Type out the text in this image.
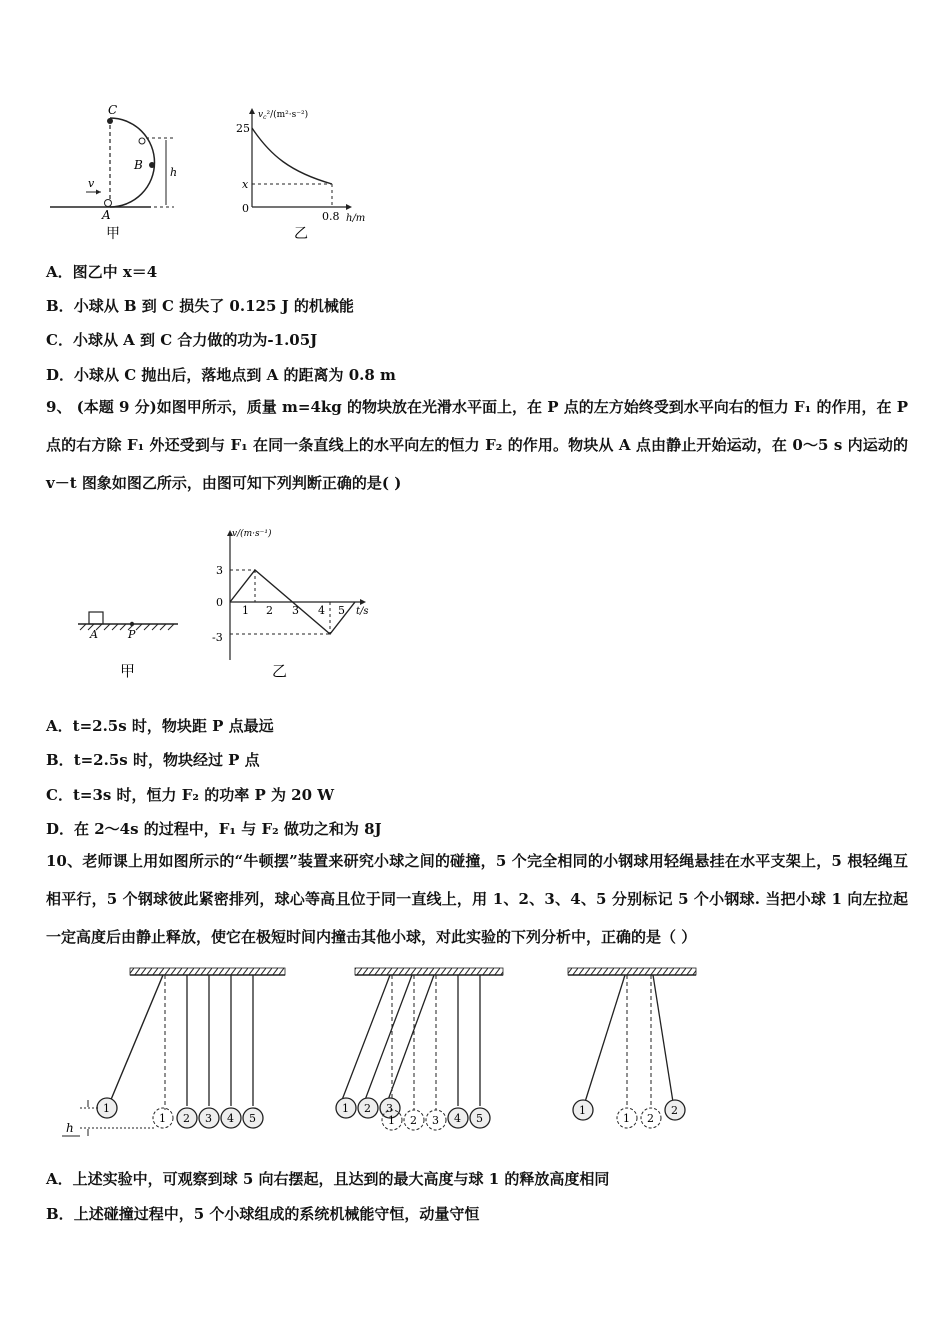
C
B
A
v
h
甲
$v_c^2/(m^2\cdot s^{-2})$
25
x
0
0.8 h/m
乙
A．图乙中 x＝4
B．小球从 B 到 C 损失了 0.125 J 的机械能
C．小球从 A 到 C 合力做的功为-1.05J
D．小球从 C 抛出后，落地点到 A 的距离为 0.8 m
9、 (本题 9 分)如图甲所示，质量 m=4kg 的物块放在光滑水平面上，在 P 点的左方始终受到水平向右的恒力 F₁ 的作用，在 P 点的右方除 F₁ 外还受到与 F₁ 在同一条直线上的水平向左的恒力 F₂ 的作用。物块从 A 点由静止开始运动，在 0～5 s 内运动的 v－t 图象如图乙所示，由图可知下列判断正确的是( )
A	P
甲
v/(m·s⁻¹)
3
0
-3
1 2 3 4 5 t/s
乙
A．t=2.5s 时，物块距 P 点最远
B．t=2.5s 时，物块经过 P 点
C．t=3s 时，恒力 F₂ 的功率 P 为 20 W
D．在 2～4s 的过程中，F₁ 与 F₂ 做功之和为 8J
10、老师课上用如图所示的“牛顿摆”装置来研究小球之间的碰撞，5 个完全相同的小钢球用轻绳悬挂在水平支架上，5 根轻绳互相平行，5 个钢球彼此紧密排列，球心等高且位于同一直线上，用 1、2、3、4、5 分别标记 5 个小钢球. 当把小球 1 向左拉起一定高度后由静止释放，使它在极短时间内撞击其他小球，对此实验的下列分析中，正确的是（ ）
h
1
1 2 3 4 5
1 2 3
1 2 3 4 5
1
1 2
2
A．上述实验中，可观察到球 5 向右摆起，且达到的最大高度与球 1 的释放高度相同
B．上述碰撞过程中，5 个小球组成的系统机械能守恒，动量守恒
